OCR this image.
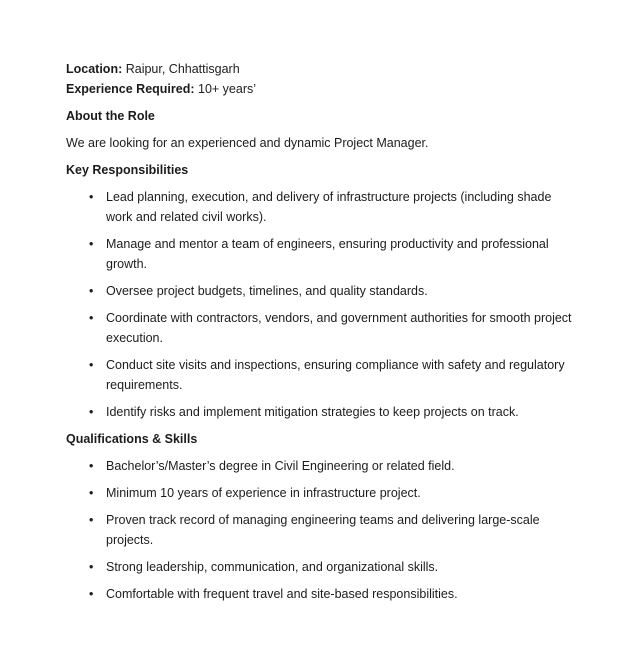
Location: Raipur, Chhattisgarh

Experience Required: 10+ years’

About the Role

We are looking for an experienced and dynamic Project Manager.

Key Responsibilities

•	Lead planning, execution, and delivery of infrastructure projects (including shade work and related civil works).
•	Manage and mentor a team of engineers, ensuring productivity and professional growth.
•	Oversee project budgets, timelines, and quality standards.
•	Coordinate with contractors, vendors, and government authorities for smooth project execution.
•	Conduct site visits and inspections, ensuring compliance with safety and regulatory requirements.
•	Identify risks and implement mitigation strategies to keep projects on track.

Qualifications & Skills

•	Bachelor’s/Master’s degree in Civil Engineering or related field.
•	Minimum 10 years of experience in infrastructure project.
•	Proven track record of managing engineering teams and delivering large-scale projects.
•	Strong leadership, communication, and organizational skills.
•	Comfortable with frequent travel and site-based responsibilities.
